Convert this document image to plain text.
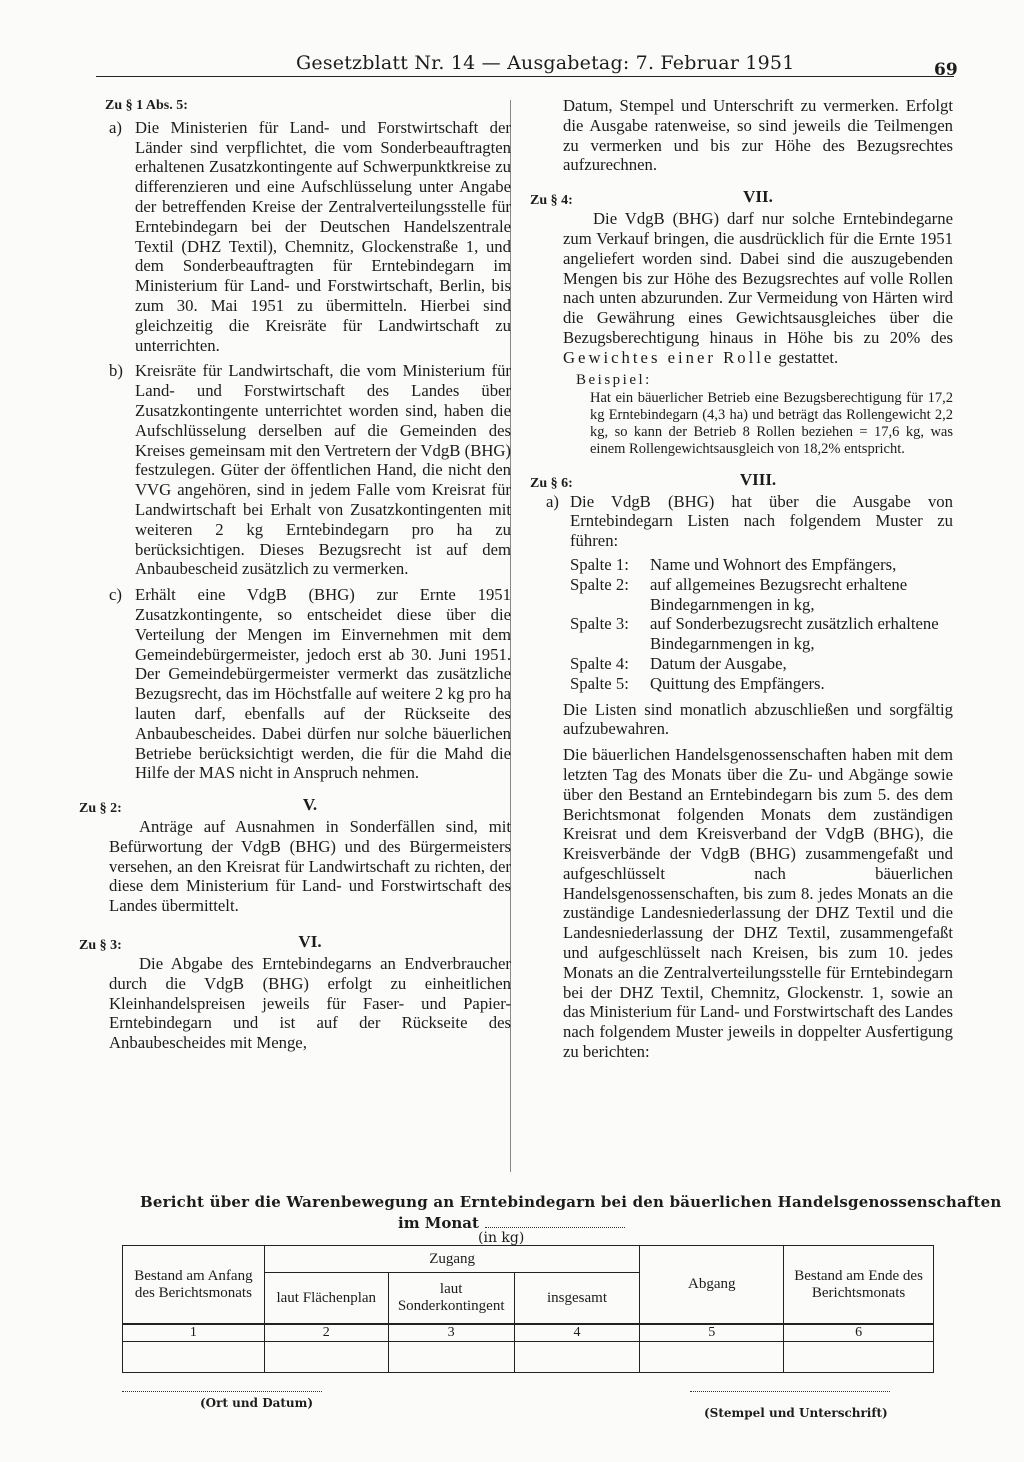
Gesetzblatt Nr. 14 — Ausgabetag: 7. Februar 1951	69
Zu § 1 Abs. 5:
a) Die Ministerien für Land- und Forstwirtschaft der Länder sind verpflichtet, die vom Sonderbeauftragten erhaltenen Zusatzkontingente auf Schwerpunktkreise zu differenzieren und eine Aufschlüsselung unter Angabe der betreffenden Kreise der Zentralverteilungsstelle für Erntebindegarn bei der Deutschen Handelszentrale Textil (DHZ Textil), Chemnitz, Glockenstraße 1, und dem Sonderbeauftragten für Erntebindegarn im Ministerium für Land- und Forstwirtschaft, Berlin, bis zum 30. Mai 1951 zu übermitteln. Hierbei sind gleichzeitig die Kreisräte für Landwirtschaft zu unterrichten.
b) Kreisräte für Landwirtschaft, die vom Ministerium für Land- und Forstwirtschaft des Landes über Zusatzkontingente unterrichtet worden sind, haben die Aufschlüsselung derselben auf die Gemeinden des Kreises gemeinsam mit den Vertretern der VdgB (BHG) festzulegen. Güter der öffentlichen Hand, die nicht den VVG angehören, sind in jedem Falle vom Kreisrat für Landwirtschaft bei Erhalt von Zusatzkontingenten mit weiteren 2 kg Erntebindegarn pro ha zu berücksichtigen. Dieses Bezugsrecht ist auf dem Anbaubescheid zusätzlich zu vermerken.
c) Erhält eine VdgB (BHG) zur Ernte 1951 Zusatzkontingente, so entscheidet diese über die Verteilung der Mengen im Einvernehmen mit dem Gemeindebürgermeister, jedoch erst ab 30. Juni 1951. Der Gemeindebürgermeister vermerkt das zusätzliche Bezugsrecht, das im Höchstfalle auf weitere 2 kg pro ha lauten darf, ebenfalls auf der Rückseite des Anbaubescheides. Dabei dürfen nur solche bäuerlichen Betriebe berücksichtigt werden, die für die Mahd die Hilfe der MAS nicht in Anspruch nehmen.
Zu § 2:	V.

Anträge auf Ausnahmen in Sonderfällen sind, mit Befürwortung der VdgB (BHG) und des Bürgermeisters versehen, an den Kreisrat für Landwirtschaft zu richten, der diese dem Ministerium für Land- und Forstwirtschaft des Landes übermittelt.

Zu § 3:	VI.

Die Abgabe des Erntebindegarns an Endverbraucher durch die VdgB (BHG) erfolgt zu einheitlichen Kleinhandelspreisen jeweils für Faser- und Papier-Erntebindegarn und ist auf der Rückseite des Anbaubescheides mit Menge,

Datum, Stempel und Unterschrift zu vermerken. Erfolgt die Ausgabe ratenweise, so sind jeweils die Teilmengen zu vermerken und bis zur Höhe des Bezugsrechtes aufzurechnen.

Zu § 4:	VII.

Die VdgB (BHG) darf nur solche Erntebindegarne zum Verkauf bringen, die ausdrücklich für die Ernte 1951 angeliefert worden sind. Dabei sind die auszugebenden Mengen bis zur Höhe des Bezugsrechtes auf volle Rollen nach unten abzurunden. Zur Vermeidung von Härten wird die Gewährung eines Gewichtsausgleiches über die Bezugsberechtigung hinaus in Höhe bis zu 20% des Gewichtes einer Rolle gestattet.

Beispiel:

Hat ein bäuerlicher Betrieb eine Bezugsberechtigung für 17,2 kg Erntebindegarn (4,3 ha) und beträgt das Rollengewicht 2,2 kg, so kann der Betrieb 8 Rollen beziehen = 17,6 kg, was einem Rollengewichtsausgleich von 18,2% entspricht.

Zu § 6:	VIII.
a) Die VdgB (BHG) hat über die Ausgabe von Erntebindegarn Listen nach folgendem Muster zu führen:
Spalte 1:	Name und Wohnort des Empfängers,
Spalte 2:	auf allgemeines Bezugsrecht erhaltene Bindegarnmengen in kg,
Spalte 3:	auf Sonderbezugsrecht zusätzlich erhaltene Bindegarnmengen in kg,
Spalte 4:	Datum der Ausgabe,
Spalte 5:	Quittung des Empfängers.

Die Listen sind monatlich abzuschließen und sorgfältig aufzubewahren.

Die bäuerlichen Handelsgenossenschaften haben mit dem letzten Tag des Monats über die Zu- und Abgänge sowie über den Bestand an Erntebindegarn bis zum 5. des dem Berichtsmonat folgenden Monats dem zuständigen Kreisrat und dem Kreisverband der VdgB (BHG), die Kreisverbände der VdgB (BHG) zusammengefaßt und aufgeschlüsselt nach bäuerlichen Handelsgenossenschaften, bis zum 8. jedes Monats an die zuständige Landesniederlassung der DHZ Textil und die Landesniederlassung der DHZ Textil, zusammengefaßt und aufgeschlüsselt nach Kreisen, bis zum 10. jedes Monats an die Zentralverteilungsstelle für Erntebindegarn bei der DHZ Textil, Chemnitz, Glockenstr. 1, sowie an das Ministerium für Land- und Forstwirtschaft des Landes nach folgendem Muster jeweils in doppelter Ausfertigung zu berichten:

Bericht über die Warenbewegung an Erntebindegarn bei den bäuerlichen Handelsgenossenschaften
im Monat
(in kg)
Bestand am Anfang des Berichtsmonats	Zugang			Abgang	Bestand am Ende des Berichtsmonats
	laut Flächenplan	laut Sonderkontingent	insgesamt		
1	2	3	4	5	6

(Ort und Datum)
(Stempel und Unterschrift)
